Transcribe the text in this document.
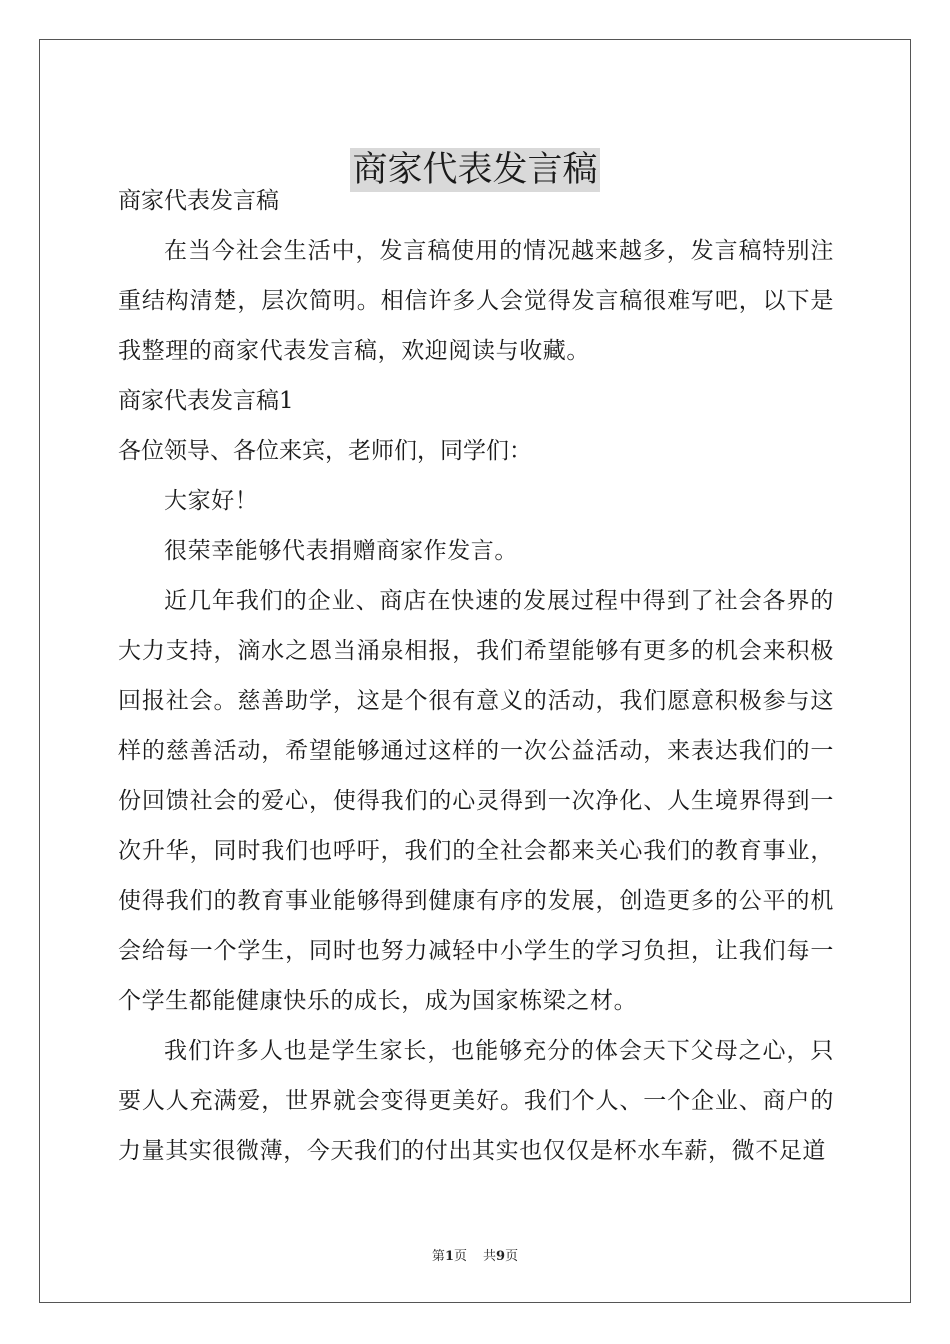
商家代表发言稿

商家代表发言稿

在当今社会生活中，发言稿使用的情况越来越多，发言稿特别注重结构清楚，层次简明。相信许多人会觉得发言稿很难写吧，以下是我整理的商家代表发言稿，欢迎阅读与收藏。

商家代表发言稿1

各位领导、各位来宾，老师们，同学们：

大家好！

很荣幸能够代表捐赠商家作发言。

近几年我们的企业、商店在快速的发展过程中得到了社会各界的大力支持，滴水之恩当涌泉相报，我们希望能够有更多的机会来积极回报社会。慈善助学，这是个很有意义的活动，我们愿意积极参与这样的慈善活动，希望能够通过这样的一次公益活动，来表达我们的一份回馈社会的爱心，使得我们的心灵得到一次净化、人生境界得到一次升华，同时我们也呼吁，我们的全社会都来关心我们的教育事业，使得我们的教育事业能够得到健康有序的发展，创造更多的公平的机会给每一个学生，同时也努力减轻中小学生的学习负担，让我们每一个学生都能健康快乐的成长，成为国家栋梁之材。

我们许多人也是学生家长，也能够充分的体会天下父母之心，只要人人充满爱，世界就会变得更美好。我们个人、一个企业、商户的力量其实很微薄，今天我们的付出其实也仅仅是杯水车薪，微不足道

第1页 共9页
